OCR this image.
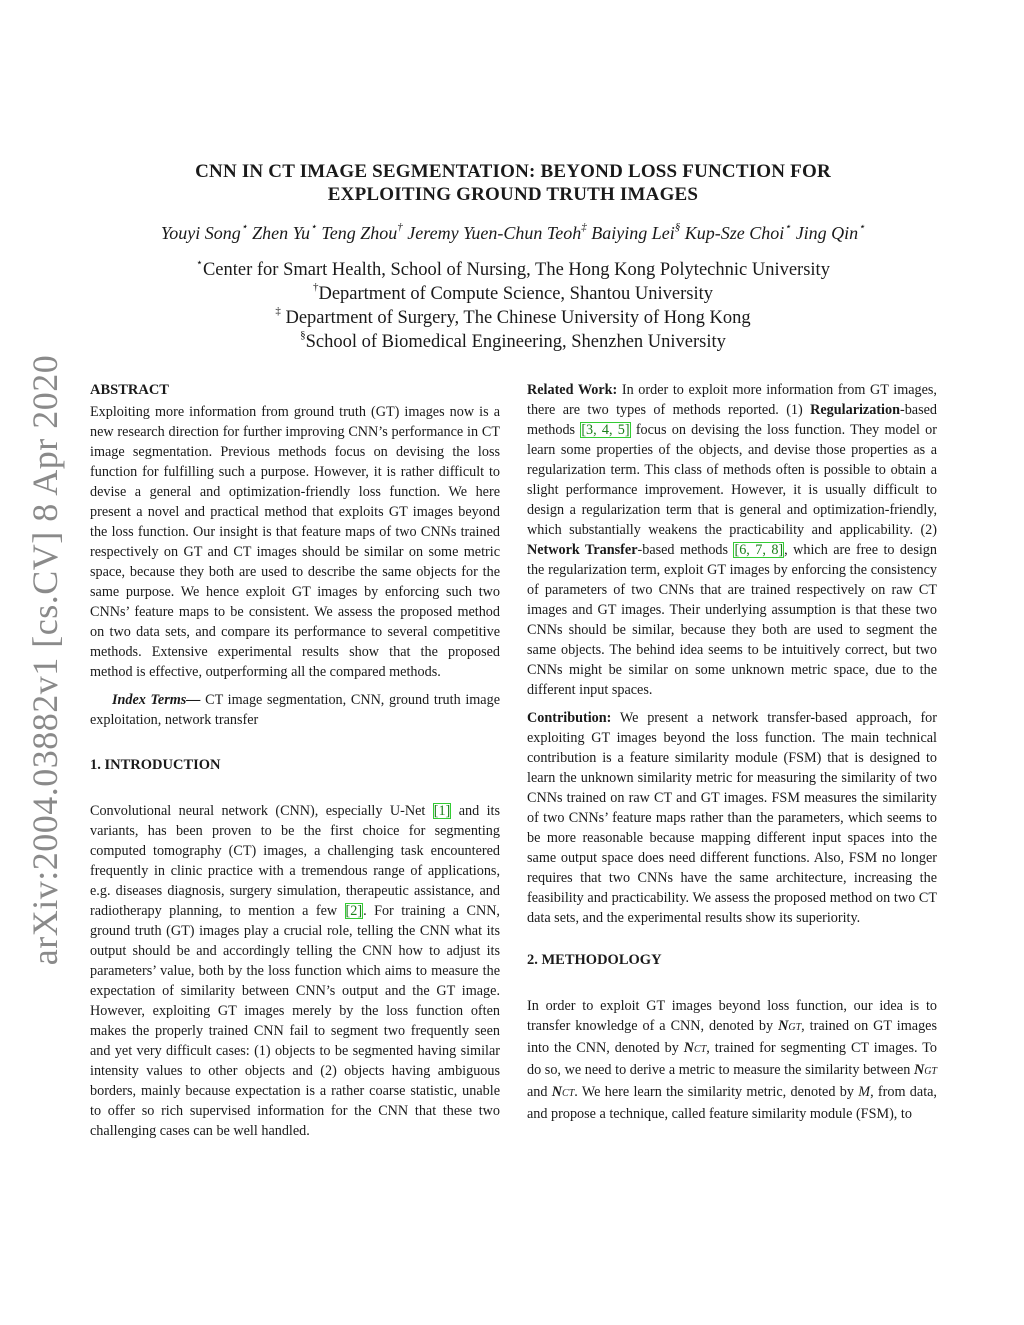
arXiv:2004.03882v1 [cs.CV] 8 Apr 2020
CNN IN CT IMAGE SEGMENTATION: BEYOND LOSS FUNCTION FOR
EXPLOITING GROUND TRUTH IMAGES
Youyi Song⋆ Zhen Yu⋆ Teng Zhou† Jeremy Yuen-Chun Teoh‡ Baiying Lei§ Kup-Sze Choi⋆ Jing Qin⋆
⋆Center for Smart Health, School of Nursing, The Hong Kong Polytechnic University
†Department of Compute Science, Shantou University
‡ Department of Surgery, The Chinese University of Hong Kong
§School of Biomedical Engineering, Shenzhen University

ABSTRACT

Exploiting more information from ground truth (GT) images now is a new research direction for further improving CNN’s performance in CT image segmentation. Previous methods focus on devising the loss function for fulfilling such a purpose. However, it is rather difficult to devise a general and optimization-friendly loss function. We here present a novel and practical method that exploits GT images beyond the loss function. Our insight is that feature maps of two CNNs trained respectively on GT and CT images should be similar on some metric space, because they both are used to describe the same objects for the same purpose. We hence exploit GT images by enforcing such two CNNs’ feature maps to be consistent. We assess the proposed method on two data sets, and compare its performance to several competitive methods. Extensive experimental results show that the proposed method is effective, outperforming all the compared methods.

Index Terms— CT image segmentation, CNN, ground truth image exploitation, network transfer

1. INTRODUCTION

Convolutional neural network (CNN), especially U-Net [1] and its variants, has been proven to be the first choice for segmenting computed tomography (CT) images, a challenging task encountered frequently in clinic practice with a tremendous range of applications, e.g. diseases diagnosis, surgery simulation, therapeutic assistance, and radiotherapy planning, to mention a few [2]. For training a CNN, ground truth (GT) images play a crucial role, telling the CNN what its output should be and accordingly telling the CNN how to adjust its parameters’ value, both by the loss function which aims to measure the expectation of similarity between CNN’s output and the GT image. However, exploiting GT images merely by the loss function often makes the properly trained CNN fail to segment two frequently seen and yet very difficult cases: (1) objects to be segmented having similar intensity values to other objects and (2) objects having ambiguous borders, mainly because expectation is a rather coarse statistic, unable to offer so rich supervised information for the CNN that these two challenging cases can be well handled.

Related Work: In order to exploit more information from GT images, there are two types of methods reported. (1) Regularization-based methods [3, 4, 5] focus on devising the loss function. They model or learn some properties of the objects, and devise those properties as a regularization term. This class of methods often is possible to obtain a slight performance improvement. However, it is usually difficult to design a regularization term that is general and optimization-friendly, which substantially weakens the practicability and applicability. (2) Network Transfer-based methods [6, 7, 8], which are free to design the regularization term, exploit GT images by enforcing the consistency of parameters of two CNNs that are trained respectively on raw CT images and GT images. Their underlying assumption is that these two CNNs should be similar, because they both are used to segment the same objects. The behind idea seems to be intuitively correct, but two CNNs might be similar on some unknown metric space, due to the different input spaces.

Contribution: We present a network transfer-based approach, for exploiting GT images beyond the loss function. The main technical contribution is a feature similarity module (FSM) that is designed to learn the unknown similarity metric for measuring the similarity of two CNNs trained on raw CT and GT images. FSM measures the similarity of two CNNs’ feature maps rather than the parameters, which seems to be more reasonable because mapping different input spaces into the same output space does need different functions. Also, FSM no longer requires that two CNNs have the same architecture, increasing the feasibility and practicability. We assess the proposed method on two CT data sets, and the experimental results show its superiority.

2. METHODOLOGY

In order to exploit GT images beyond loss function, our idea is to transfer knowledge of a CNN, denoted by NGT, trained on GT images into the CNN, denoted by NCT, trained for segmenting CT images. To do so, we need to derive a metric to measure the similarity between NGT and NCT. We here learn the similarity metric, denoted by M, from data, and propose a technique, called feature similarity module (FSM), to
